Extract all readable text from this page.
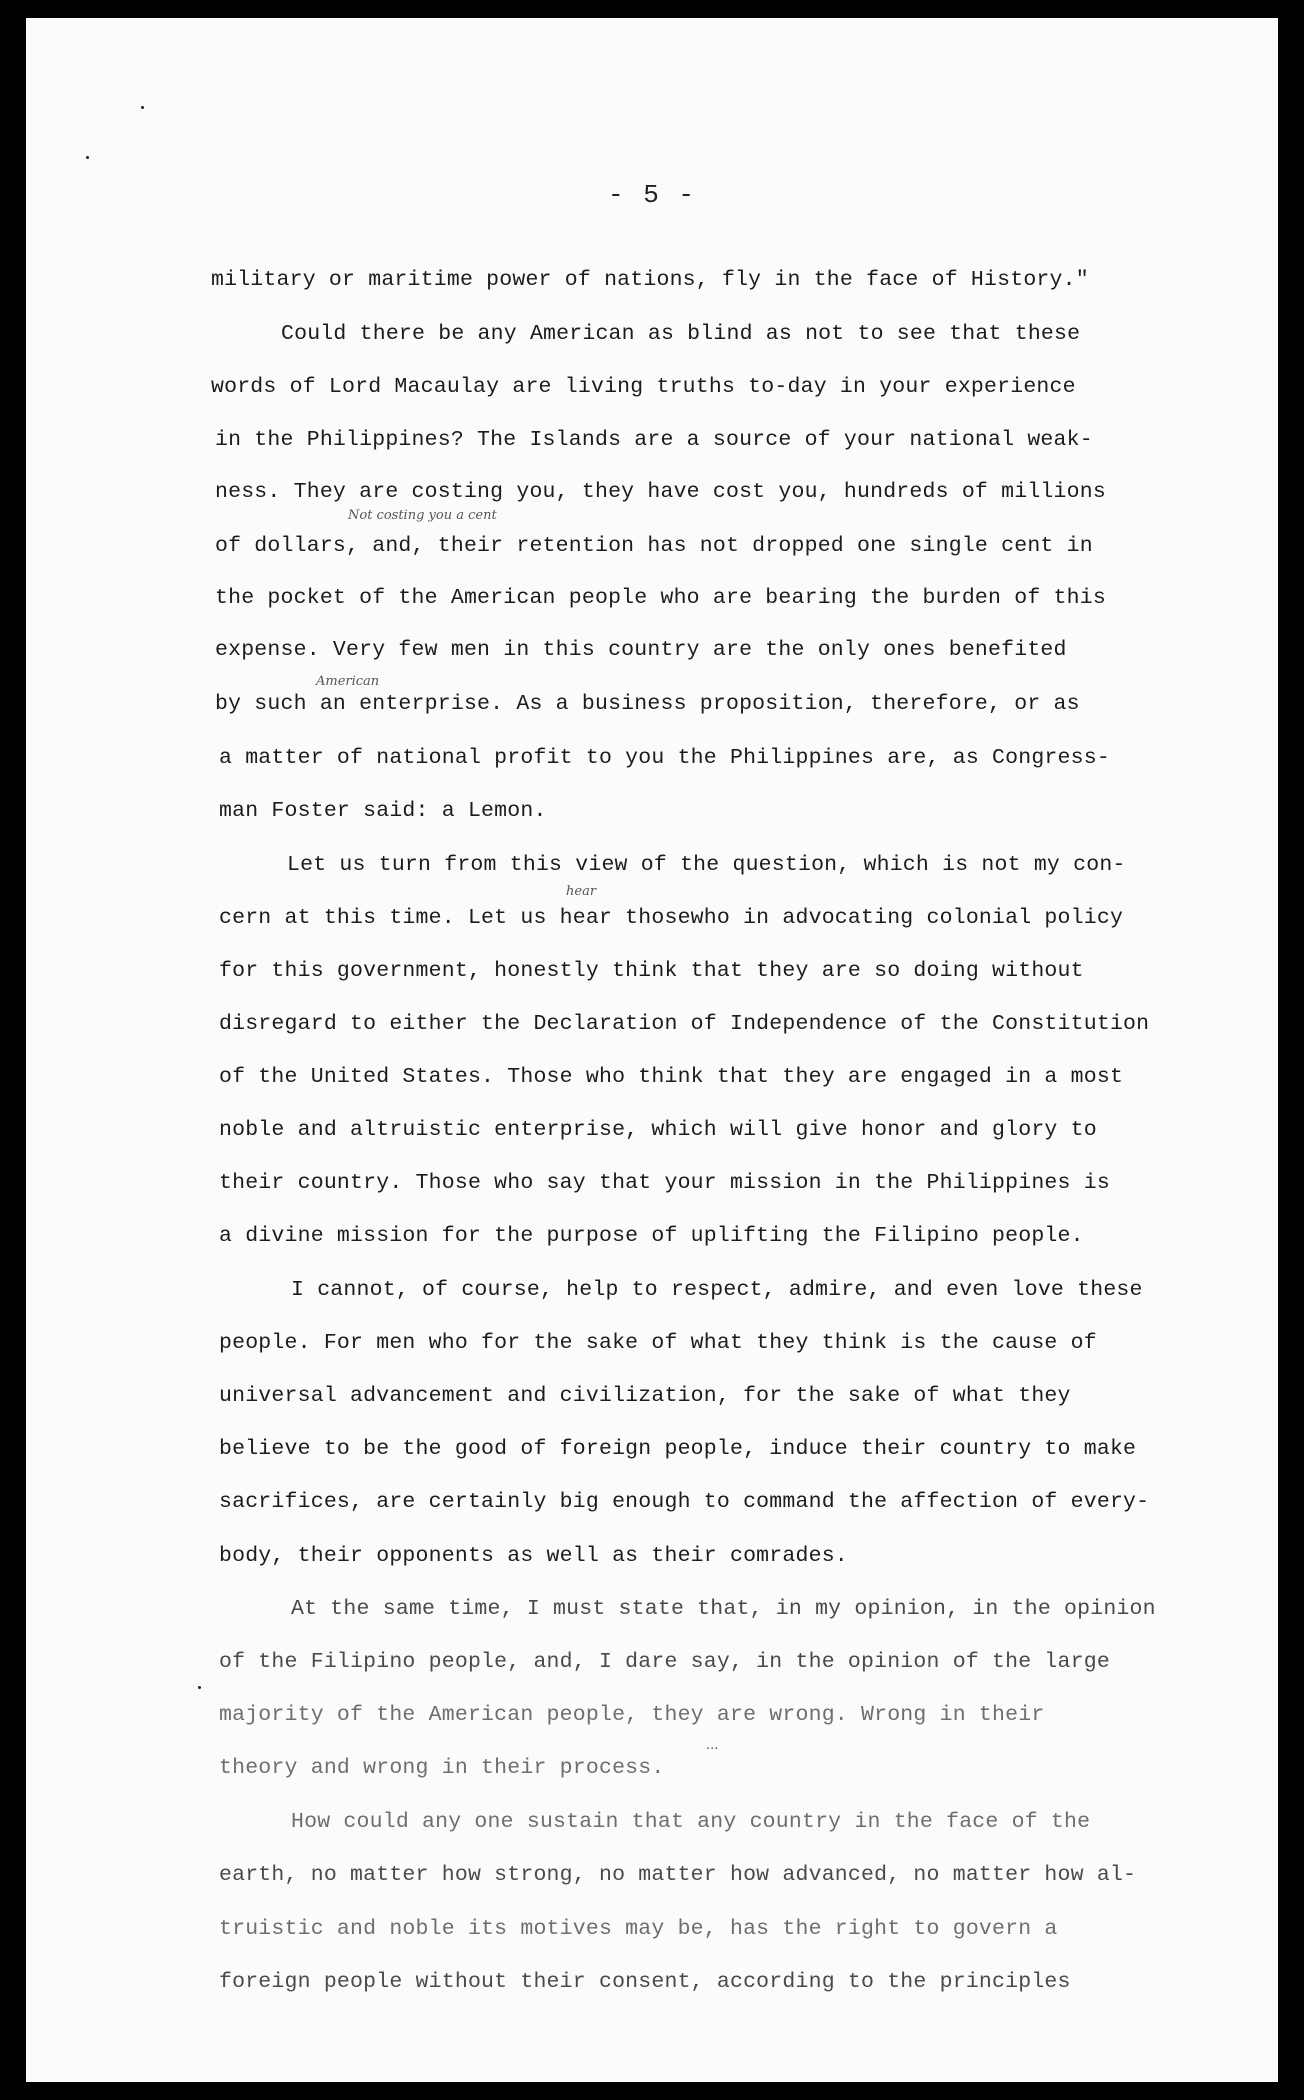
- 5 -
military or maritime power of nations, fly in the face of History."
Could there be any American as blind as not to see that these
words of Lord Macaulay are living truths to-day in your experience
in the Philippines? The Islands are a source of your national weak-
ness. They are costing you, they have cost you, hundreds of millions
of dollars, and, their retention has not dropped one single cent in
the pocket of the American people who are bearing the burden of this
expense. Very few men in this country are the only ones benefited
by such an enterprise. As a business proposition, therefore, or as
a matter of national profit to you the Philippines are, as Congress-
man Foster said: a Lemon.
Let us turn from this view of the question, which is not my con-
cern at this time. Let us hear thosewho in advocating colonial policy
for this government, honestly think that they are so doing without
disregard to either the Declaration of Independence of the Constitution
of the United States. Those who think that they are engaged in a most
noble and altruistic enterprise, which will give honor and glory to
their country. Those who say that your mission in the Philippines is
a divine mission for the purpose of uplifting the Filipino people.
I cannot, of course, help to respect, admire, and even love these
people. For men who for the sake of what they think is the cause of
universal advancement and civilization, for the sake of what they
believe to be the good of foreign people, induce their country to make
sacrifices, are certainly big enough to command the affection of every-
body, their opponents as well as their comrades.
At the same time, I must state that, in my opinion, in the opinion
of the Filipino people, and, I dare say, in the opinion of the large
majority of the American people, they are wrong. Wrong in their
theory and wrong in their process.
How could any one sustain that any country in the face of the
earth, no matter how strong, no matter how advanced, no matter how al-
truistic and noble its motives may be, has the right to govern a
foreign people without their consent, according to the principles
Not costing you a cent
American
hear
...
